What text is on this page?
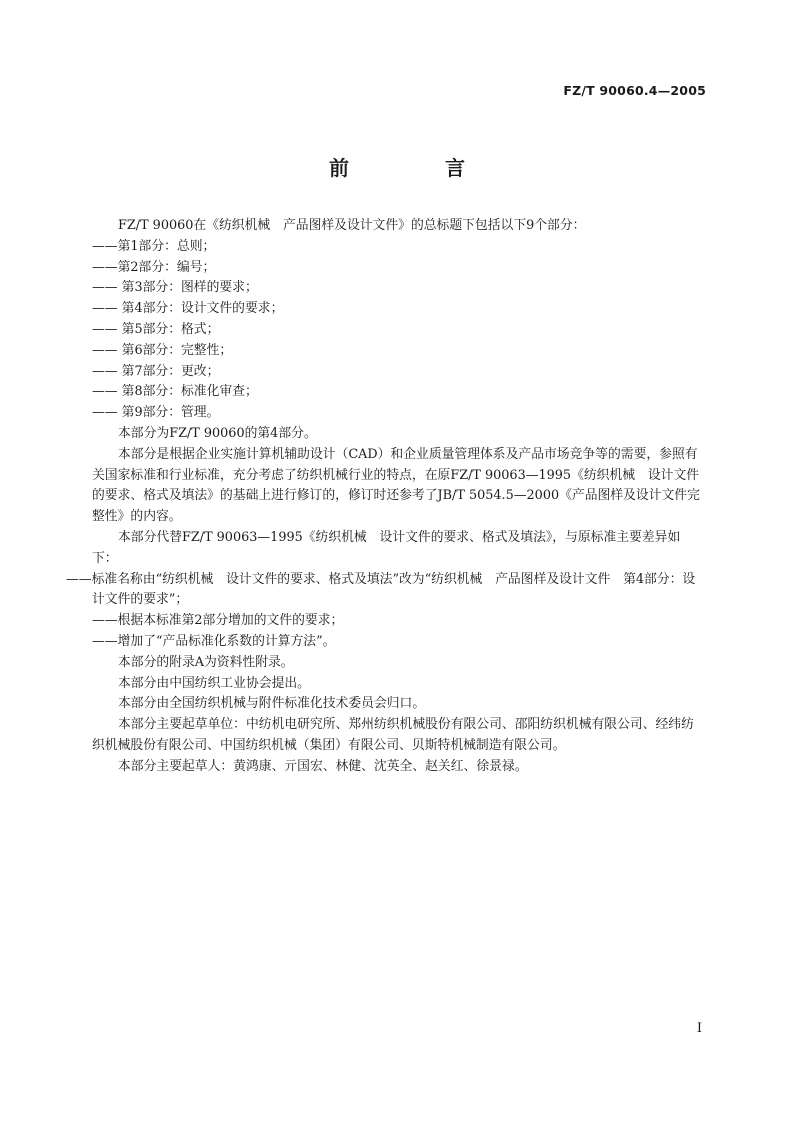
FZ/T 90060.4—2005
前　言

FZ/T 90060在《纺织机械　产品图样及设计文件》的总标题下包括以下9个部分：

——第1部分：总则；

——第2部分：编号；

—— 第3部分：图样的要求；

—— 第4部分：设计文件的要求；

—— 第5部分：格式；

—— 第6部分：完整性；

—— 第7部分：更改；

—— 第8部分：标准化审查；

—— 第9部分：管理。

本部分为FZ/T 90060的第4部分。

本部分是根据企业实施计算机辅助设计（CAD）和企业质量管理体系及产品市场竞争等的需要，参照有关国家标准和行业标准，充分考虑了纺织机械行业的特点，在原FZ/T 90063—1995《纺织机械　设计文件的要求、格式及填法》的基础上进行修订的，修订时还参考了JB/T 5054.5—2000《产品图样及设计文件完整性》的内容。

本部分代替FZ/T 90063—1995《纺织机械　设计文件的要求、格式及填法》，与原标准主要差异如下：

——标准名称由“纺织机械　设计文件的要求、格式及填法”改为“纺织机械　产品图样及设计文件　第4部分：设计文件的要求”；

——根据本标准第2部分增加的文件的要求；

——增加了“产品标准化系数的计算方法”。

本部分的附录A为资料性附录。

本部分由中国纺织工业协会提出。

本部分由全国纺织机械与附件标准化技术委员会归口。

本部分主要起草单位：中纺机电研究所、郑州纺织机械股份有限公司、邵阳纺织机械有限公司、经纬纺织机械股份有限公司、中国纺织机械（集团）有限公司、贝斯特机械制造有限公司。

本部分主要起草人：黄鸿康、亓国宏、林健、沈英全、赵关红、徐景禄。

I
